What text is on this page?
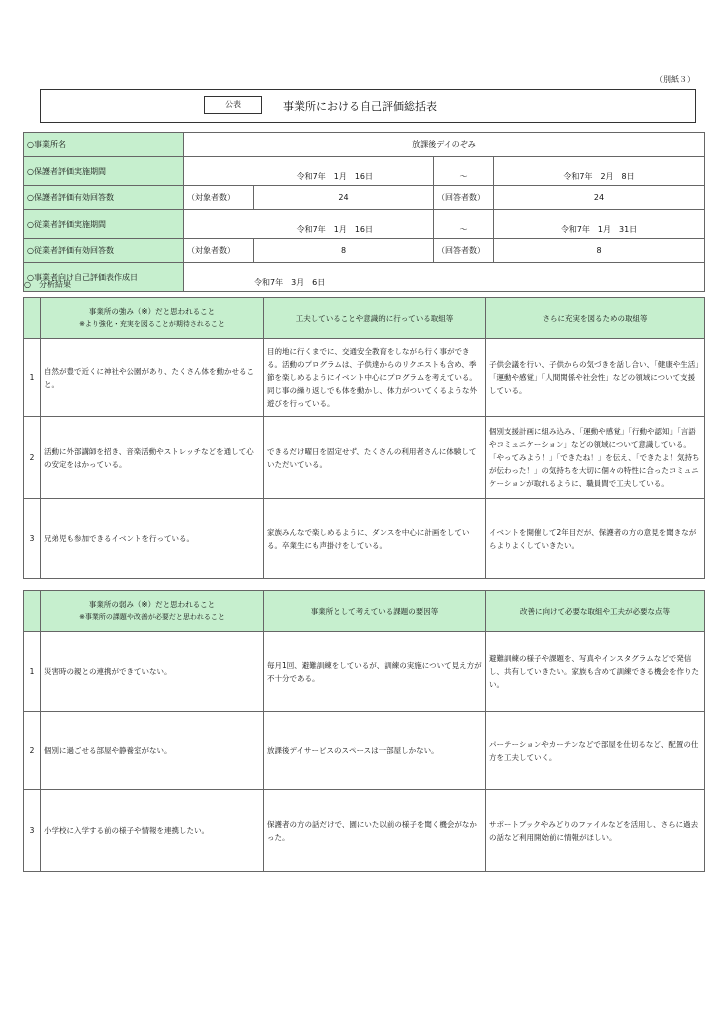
（別紙３）
公表	事業所における自己評価総括表
○事業所名	放課後デイのぞみ			
○保護者評価実施期間	令和7年　1月　16日		～	令和7年　2月　8日
○保護者評価有効回答数	（対象者数）	24	（回答者数）	24
○従業者評価実施期間	令和7年　1月　16日		～	令和7年　1月　31日
○従業者評価有効回答数	（対象者数）	8	（回答者数）	8
○事業者向け自己評価表作成日	令和7年　3月　6日			
○　分析結果
	事業所の強み（※）だと思われること
※より強化・充実を図ることが期待されること	工夫していることや意識的に行っている取組等	さらに充実を図るための取組等
1	自然が豊で近くに神社や公園があり、たくさん体を動かせること。	目的地に行くまでに、交通安全教育をしながら行く事ができる。活動のプログラムは、子供達からのリクエストも含め、季節を楽しめるようにイベント中心にプログラムを考えている。同じ事の繰り返しでも体を動かし、体力がついてくるような外遊びを行っている。	子供会議を行い、子供からの気づきを話し合い、「健康や生活」「運動や感覚」「人間関係や社会性」などの領域について支援している。
2	活動に外部講師を招き、音楽活動やストレッチなどを通して心の安定をはかっている。	できるだけ曜日を固定せず、たくさんの利用者さんに体験していただいている。	個別支援計画に組み込み、「運動や感覚」「行動や認知」「言語やコミュニケーション」などの領域について意識している。「やってみよう！」「できたね！」を伝え、「できたよ！気持ちが伝わった！」の気持ちを大切に個々の特性に合ったコミュニケーションが取れるように、職員間で工夫している。
3	兄弟児も参加できるイベントを行っている。	家族みんなで楽しめるように、ダンスを中心に計画をしている。卒業生にも声掛けをしている。	イベントを開催して2年目だが、保護者の方の意見を聞きながらよりよくしていきたい。
	事業所の弱み（※）だと思われること
※事業所の課題や改善が必要だと思われること	事業所として考えている課題の要因等	改善に向けて必要な取組や工夫が必要な点等
1	災害時の親との連携ができていない。	毎月1回、避難訓練をしているが、訓練の実施について見え方が不十分である。	避難訓練の様子や課題を、写真やインスタグラムなどで発信し、共有していきたい。家族も含めて訓練できる機会を作りたい。
2	個別に過ごせる部屋や静養室がない。	放課後デイサービスのスペースは一部屋しかない。	パーテーションやカーテンなどで部屋を仕切るなど、配置の仕方を工夫していく。
3	小学校に入学する前の様子や情報を連携したい。	保護者の方の話だけで、園にいた以前の様子を聞く機会がなかった。	サポートブックやみどりのファイルなどを活用し、さらに過去の話など利用開始前に情報がほしい。
